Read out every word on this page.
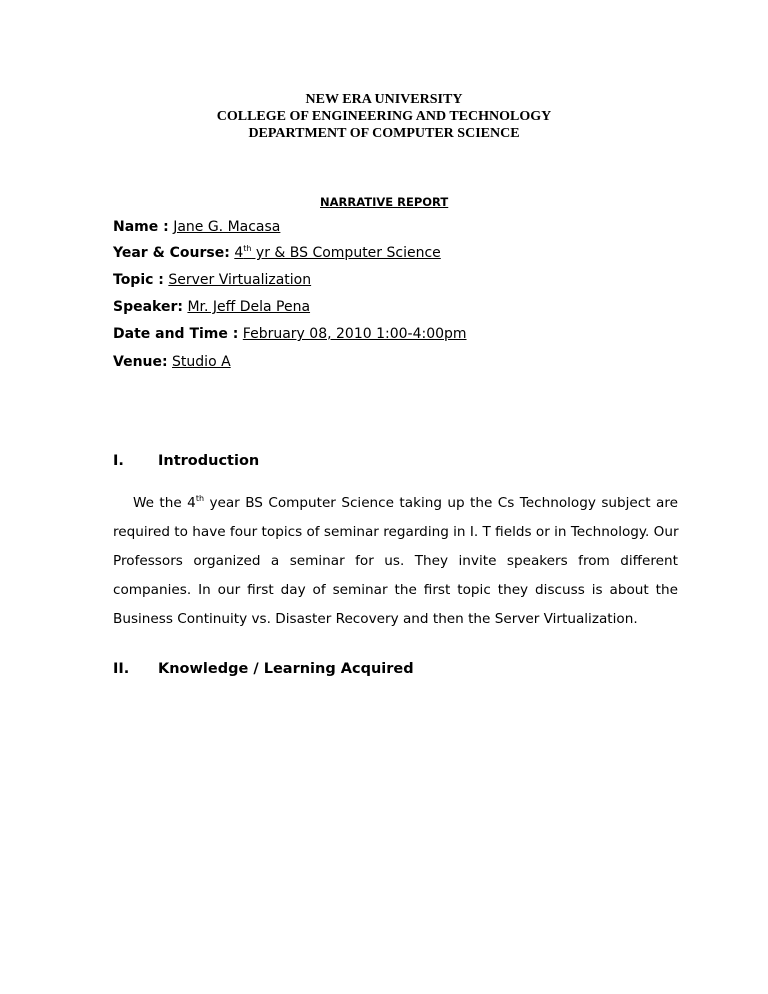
NEW ERA UNIVERSITY
COLLEGE OF ENGINEERING AND TECHNOLOGY
DEPARTMENT OF COMPUTER SCIENCE
NARRATIVE REPORT
Name : Jane G. Macasa
Year & Course: 4th yr & BS Computer Science
Topic : Server Virtualization
Speaker: Mr. Jeff Dela Pena
Date and Time : February 08, 2010 1:00-4:00pm
Venue: Studio A
I. Introduction
We the 4th year BS Computer Science taking up the Cs Technology subject are
required to have four topics of seminar regarding in I. T fields or in Technology. Our
Professors organized a seminar for us. They invite speakers from different
companies. In our first day of seminar the first topic they discuss is about the
Business Continuity vs. Disaster Recovery and then the Server Virtualization.
II. Knowledge / Learning Acquired
